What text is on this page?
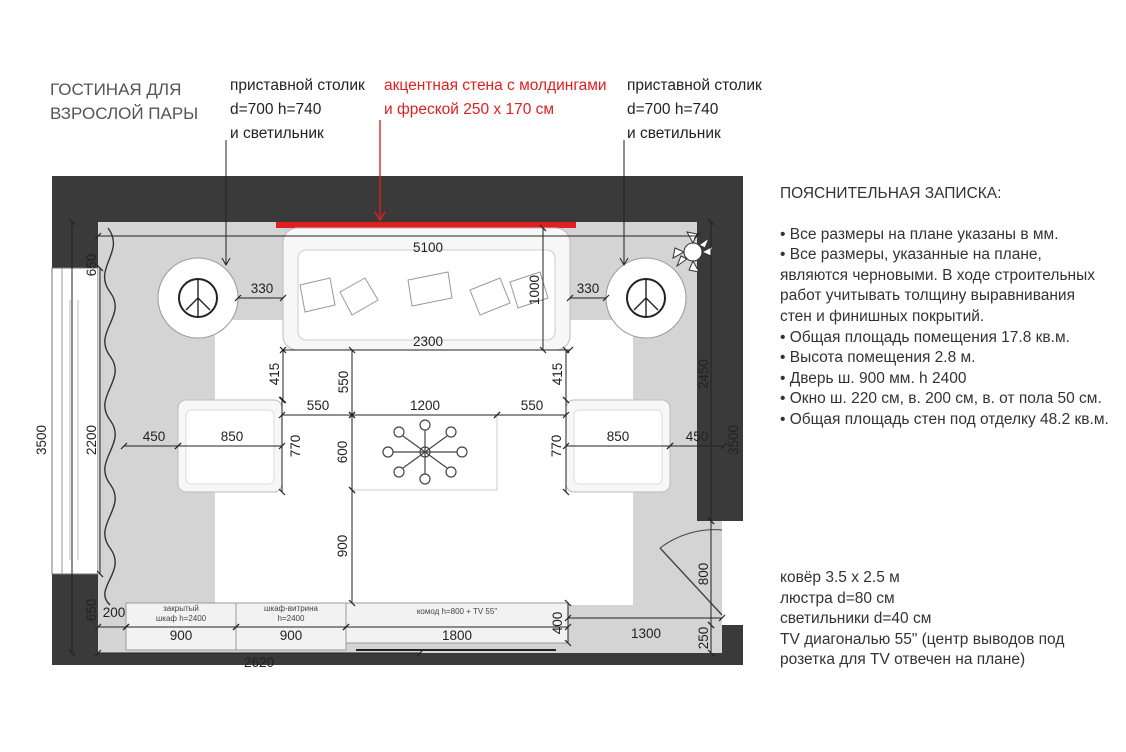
ГОСТИНАЯ ДЛЯ
ВЗРОСЛОЙ ПАРЫ
приставной столик
d=700 h=740
и светильник
акцентная стена с молдингами
и фреской 250 х 170 см
приставной столик
d=700 h=740
и светильник
закрытый
шкаф h=2400
шкаф-витрина
h=2400
комод h=800 + TV 55"
5100
2300
1000
330	330
650
2200
650
3500	3500
2450
800
250
415	415
550
550	1200	550
450	850	850	450
770	770
600
900
200
900	900	1800
400	1300
2620
ПОЯСНИТЕЛЬНАЯ ЗАПИСКА:
• Все размеры на плане указаны в мм.
• Все размеры, указанные на плане, являются черновыми. В ходе строительных работ учитывать толщину выравнивания стен и финишных покрытий.
• Общая площадь помещения 17.8 кв.м.
• Высота помещения 2.8 м.
• Дверь ш. 900 мм. h 2400
• Окно ш. 220 см, в. 200 см, в. от пола 50 см.
• Общая площадь стен под отделку 48.2 кв.м.
ковёр 3.5 х 2.5 м
люстра d=80 см
светильники d=40 см
TV диагональю 55" (центр выводов под розетка для TV отвечен на плане)
